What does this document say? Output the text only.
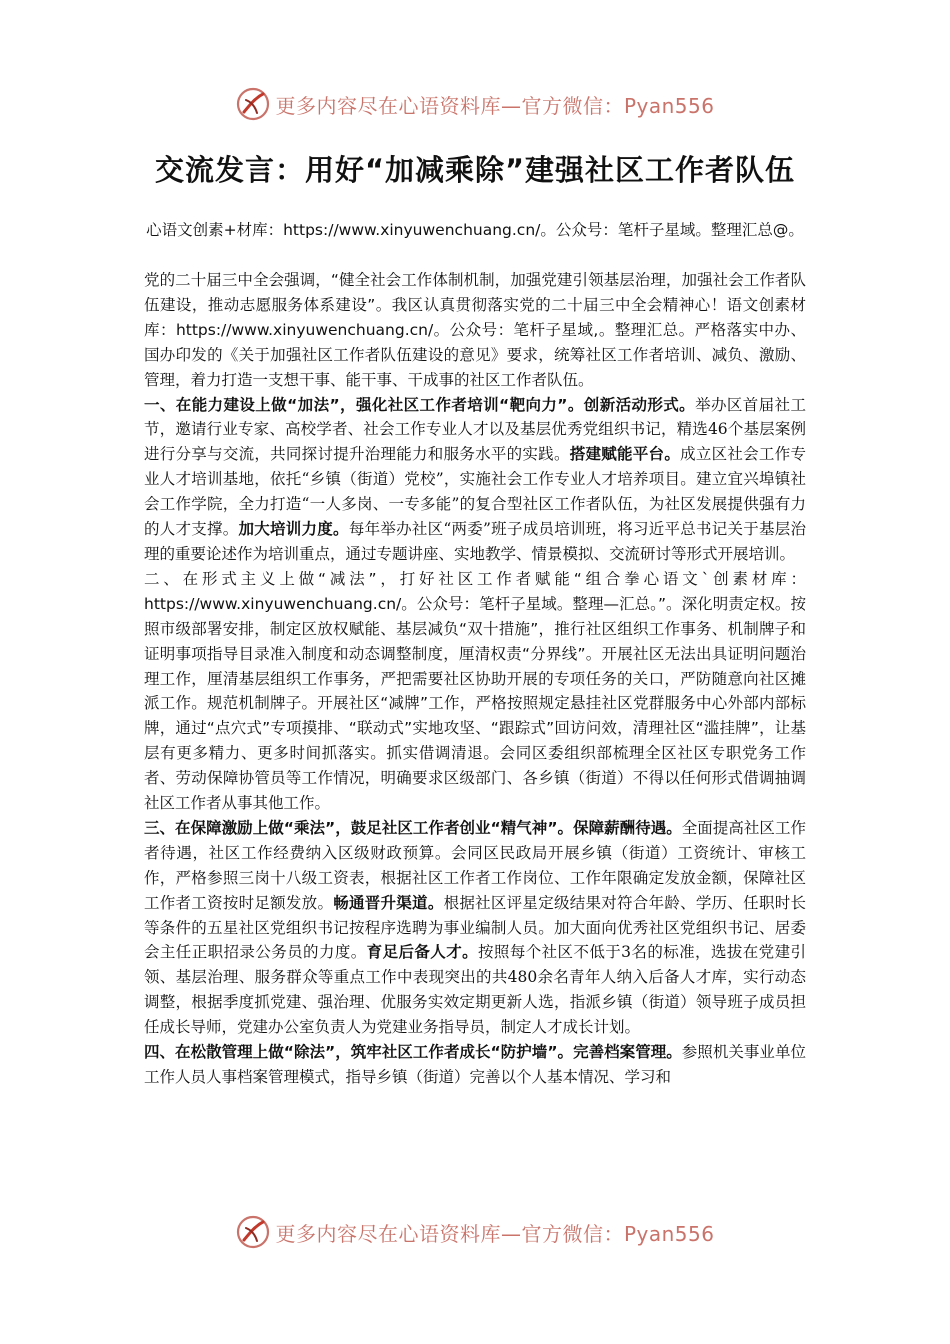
更多内容尽在心语资料库—官方微信：Pyan556
交流发言：用好“加减乘除”建强社区工作者队伍
心语文创素+材库：https://www.xinyuwenchuang.cn/。公众号：笔杆子星域。整理汇总@。

党的二十届三中全会强调，“健全社会工作体制机制，加强党建引领基层治理，加强社会工作者队伍建设，推动志愿服务体系建设”。我区认真贯彻落实党的二十届三中全会精神心！语文创素材库：https://www.xinyuwenchuang.cn/。公众号：笔杆子星域,。整理汇总。严格落实中办、国办印发的《关于加强社区工作者队伍建设的意见》要求，统筹社区工作者培训、减负、激励、管理，着力打造一支想干事、能干事、干成事的社区工作者队伍。

一、在能力建设上做“加法”，强化社区工作者培训“靶向力”。创新活动形式。举办区首届社工节，邀请行业专家、高校学者、社会工作专业人才以及基层优秀党组织书记，精选46个基层案例进行分享与交流，共同探讨提升治理能力和服务水平的实践。搭建赋能平台。成立区社会工作专业人才培训基地，依托“乡镇（街道）党校”，实施社会工作专业人才培养项目。建立宜兴埠镇社会工作学院，全力打造“一人多岗、一专多能”的复合型社区工作者队伍，为社区发展提供强有力的人才支撑。加大培训力度。每年举办社区“两委”班子成员培训班，将习近平总书记关于基层治理的重要论述作为培训重点，通过专题讲座、实地教学、情景模拟、交流研讨等形式开展培训。

二、在形式主义上做“减法”，打好社区工作者赋能“组合拳心语文`创素材库：https://www.xinyuwenchuang.cn/。公众号：笔杆子星域。整理—汇总。”。深化明责定权。按照市级部署安排，制定区放权赋能、基层减负“双十措施”，推行社区组织工作事务、机制牌子和证明事项指导目录准入制度和动态调整制度，厘清权责“分界线”。开展社区无法出具证明问题治理工作，厘清基层组织工作事务，严把需要社区协助开展的专项任务的关口，严防随意向社区摊派工作。规范机制牌子。开展社区“减牌”工作，严格按照规定悬挂社区党群服务中心外部内部标牌，通过“点穴式”专项摸排、“联动式”实地攻坚、“跟踪式”回访问效，清理社区“滥挂牌”，让基层有更多精力、更多时间抓落实。抓实借调清退。会同区委组织部梳理全区社区专职党务工作者、劳动保障协管员等工作情况，明确要求区级部门、各乡镇（街道）不得以任何形式借调抽调社区工作者从事其他工作。

三、在保障激励上做“乘法”，鼓足社区工作者创业“精气神”。保障薪酬待遇。全面提高社区工作者待遇，社区工作经费纳入区级财政预算。会同区民政局开展乡镇（街道）工资统计、审核工作，严格参照三岗十八级工资表，根据社区工作者工作岗位、工作年限确定发放金额，保障社区工作者工资按时足额发放。畅通晋升渠道。根据社区评星定级结果对符合年龄、学历、任职时长等条件的五星社区党组织书记按程序选聘为事业编制人员。加大面向优秀社区党组织书记、居委会主任正职招录公务员的力度。育足后备人才。按照每个社区不低于3名的标准，选拔在党建引领、基层治理、服务群众等重点工作中表现突出的共480余名青年人纳入后备人才库，实行动态调整，根据季度抓党建、强治理、优服务实效定期更新人选，指派乡镇（街道）领导班子成员担任成长导师，党建办公室负责人为党建业务指导员，制定人才成长计划。

四、在松散管理上做“除法”，筑牢社区工作者成长“防护墙”。完善档案管理。参照机关事业单位工作人员人事档案管理模式，指导乡镇（街道）完善以个人基本情况、学习和

更多内容尽在心语资料库—官方微信：Pyan556
